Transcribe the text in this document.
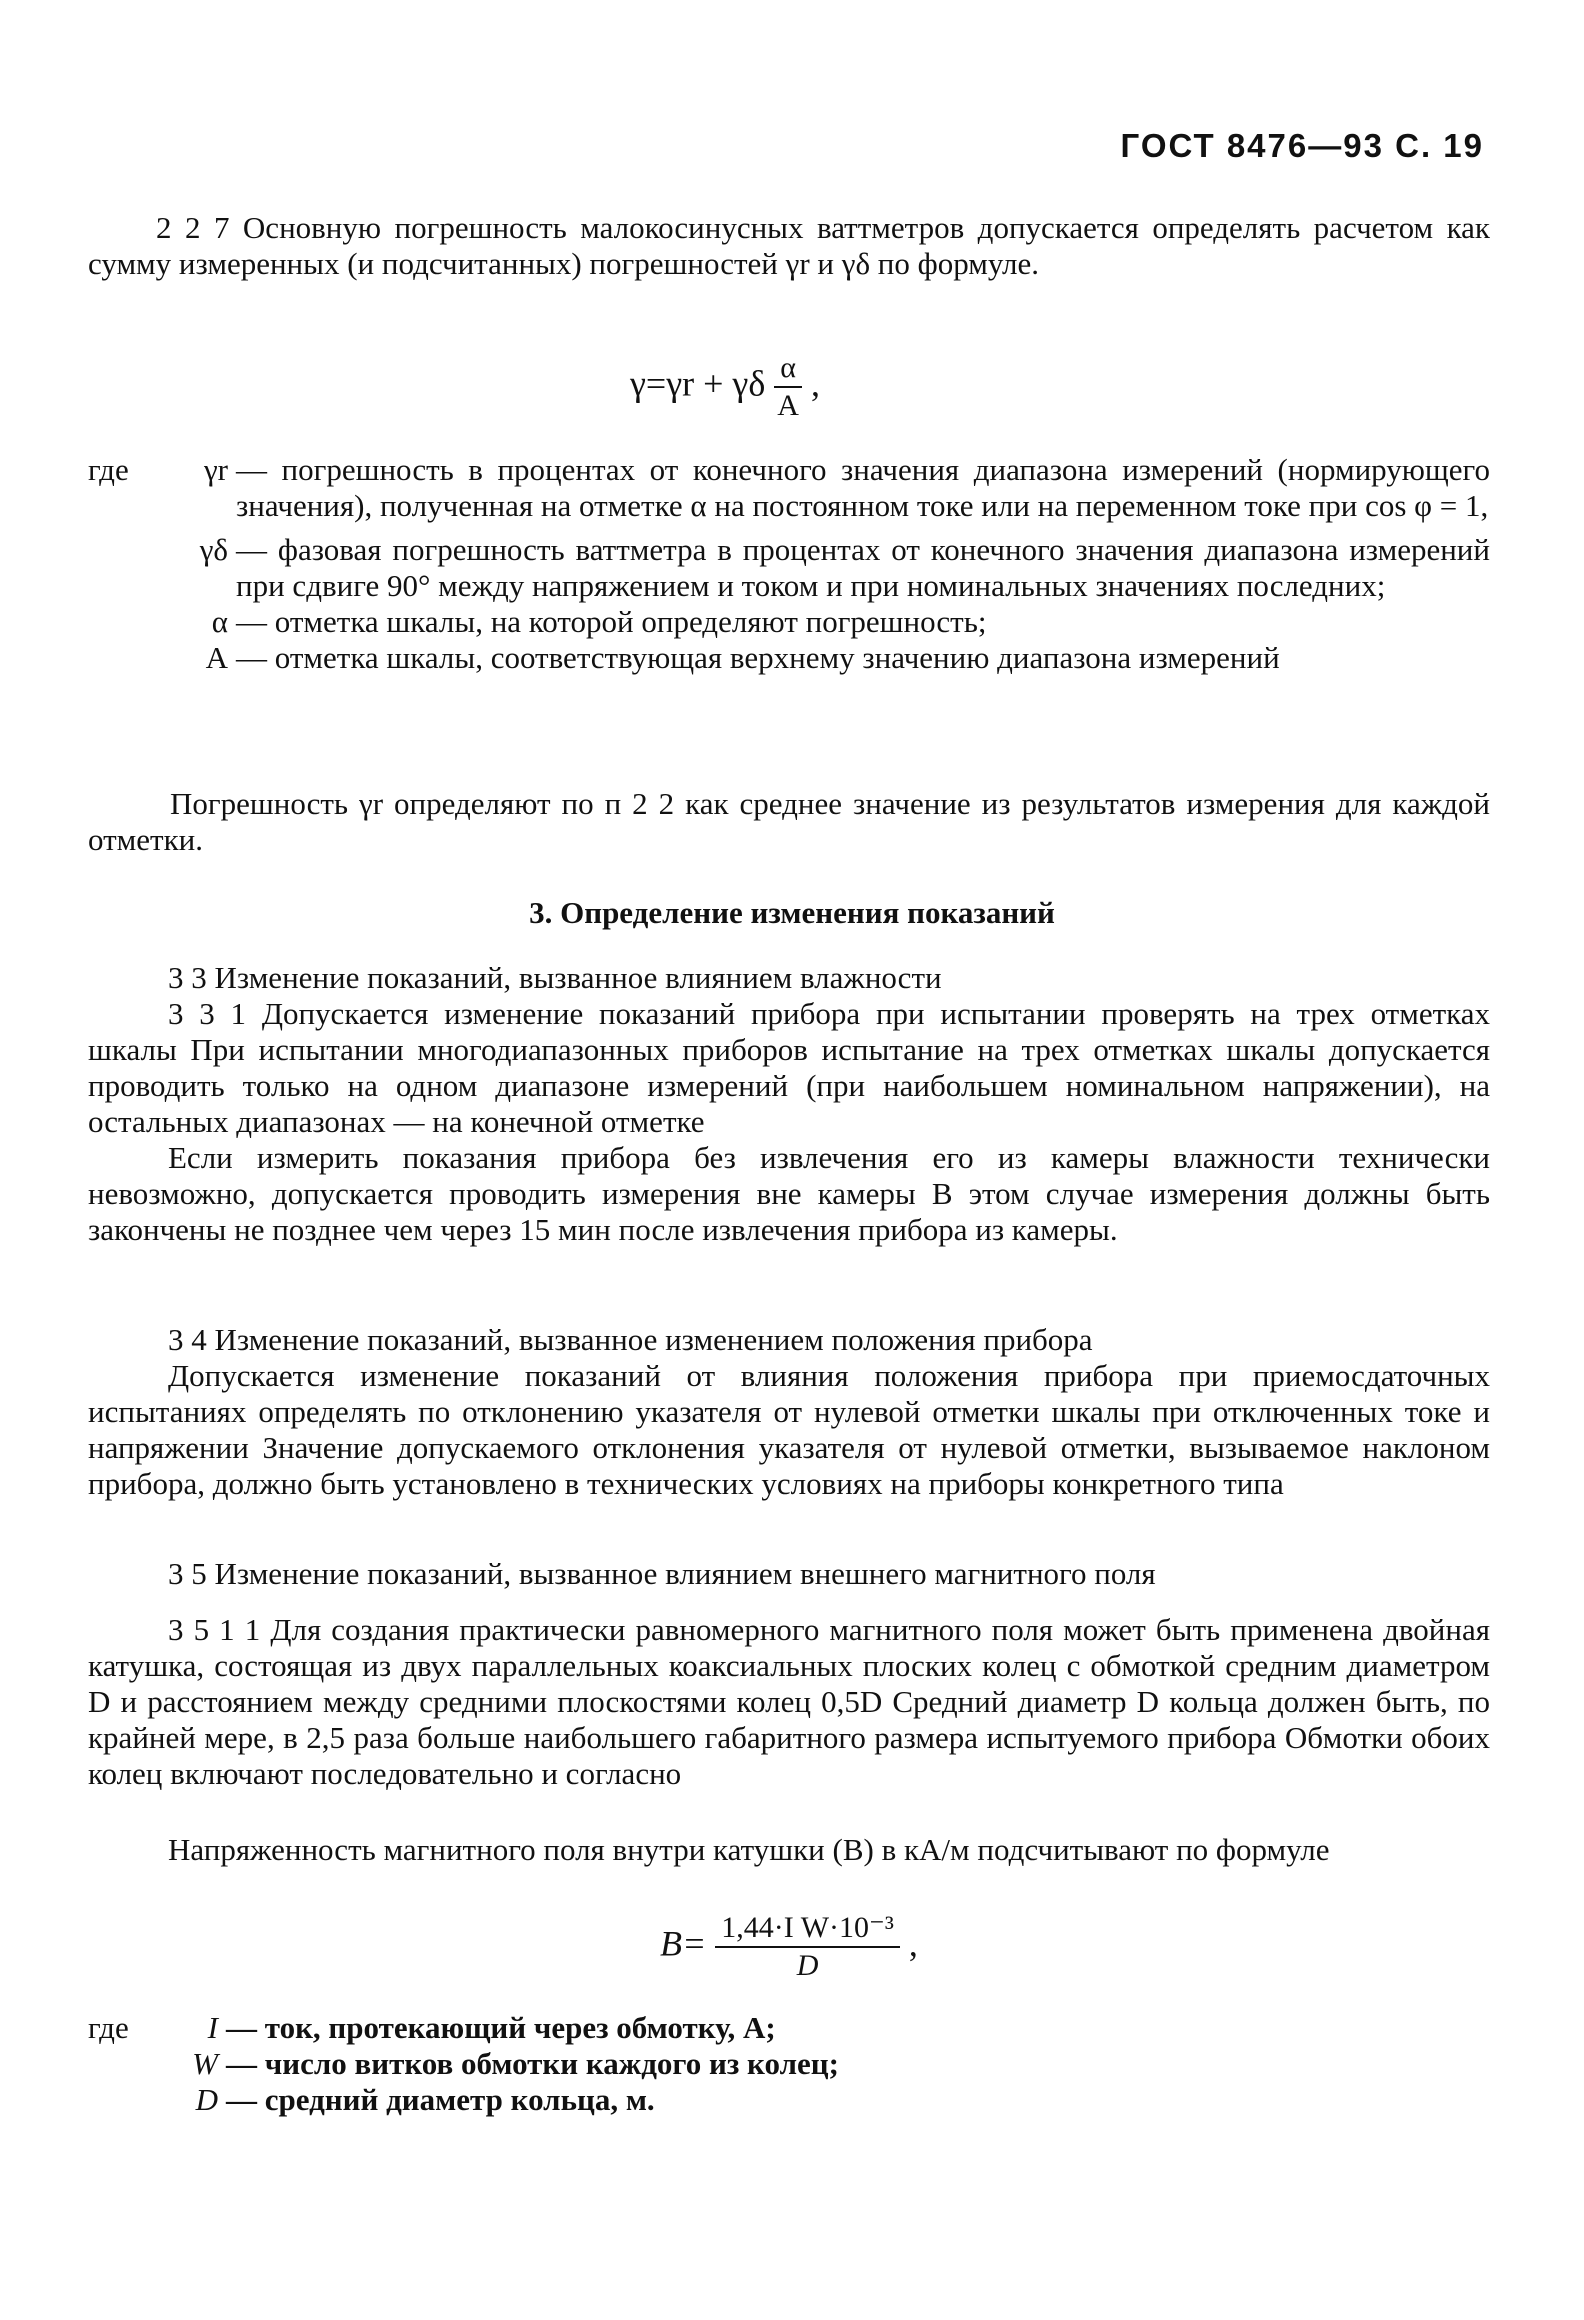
ГОСТ 8476—93 С. 19

2 2 7 Основную погрешность малокосинусных ваттметров допускается определять расчетом как сумму измеренных (и подсчитанных) погрешностей γr и γδ по формуле.

γ=γr + γδ $\frac{\alpha}{A}$ ,
где	γr — погрешность в процентах от конечного значения диапазона измерений (нормирующего значения), полученная на отметке α на постоянном токе или на переменном токе при cos φ = 1,
γδ — фазовая погрешность ваттметра в процентах от конечного значения диапазона измерений при сдвиге 90° между напряжением и током и при номинальных значениях последних;
α — отметка шкалы, на которой определяют погрешность;
A — отметка шкалы, соответствующая верхнему значению диапазона измерений

Погрешность γr определяют по п 2 2 как среднее значение из результатов измерения для каждой отметки.

3. Определение изменения показаний

3 3 Изменение показаний, вызванное влиянием влажности

3 3 1 Допускается изменение показаний прибора при испытании проверять на трех отметках шкалы При испытании многодиапазонных приборов испытание на трех отметках шкалы допускается проводить только на одном диапазоне измерений (при наибольшем номинальном напряжении), на остальных диапазонах — на конечной отметке

Если измерить показания прибора без извлечения его из камеры влажности технически невозможно, допускается проводить измерения вне камеры В этом случае измерения должны быть закончены не позднее чем через 15 мин после извлечения прибора из камеры.

3 4 Изменение показаний, вызванное изменением положения прибора

Допускается изменение показаний от влияния положения прибора при приемосдаточных испытаниях определять по отклонению указателя от нулевой отметки шкалы при отключенных токе и напряжении Значение допускаемого отклонения указателя от нулевой отметки, вызываемое наклоном прибора, должно быть установлено в технических условиях на приборы конкретного типа

3 5 Изменение показаний, вызванное влиянием внешнего магнитного поля

3 5 1 1 Для создания практически равномерного магнитного поля может быть применена двойная катушка, состоящая из двух параллельных коаксиальных плоских колец с обмоткой средним диаметром D и расстоянием между средними плоскостями колец 0,5D Средний диаметр D кольца должен быть, по крайней мере, в 2,5 раза больше наибольшего габаритного размера испытуемого прибора Обмотки обоих колец включают последовательно и согласно

Напряженность магнитного поля внутри катушки (B) в кА/м подсчитывают по формуле

$B= \frac{\text{1,44·I W·10⁻³}}{D}$ ,
где	I — ток, протекающий через обмотку, А;
W — число витков обмотки каждого из колец;
D — средний диаметр кольца, м.
